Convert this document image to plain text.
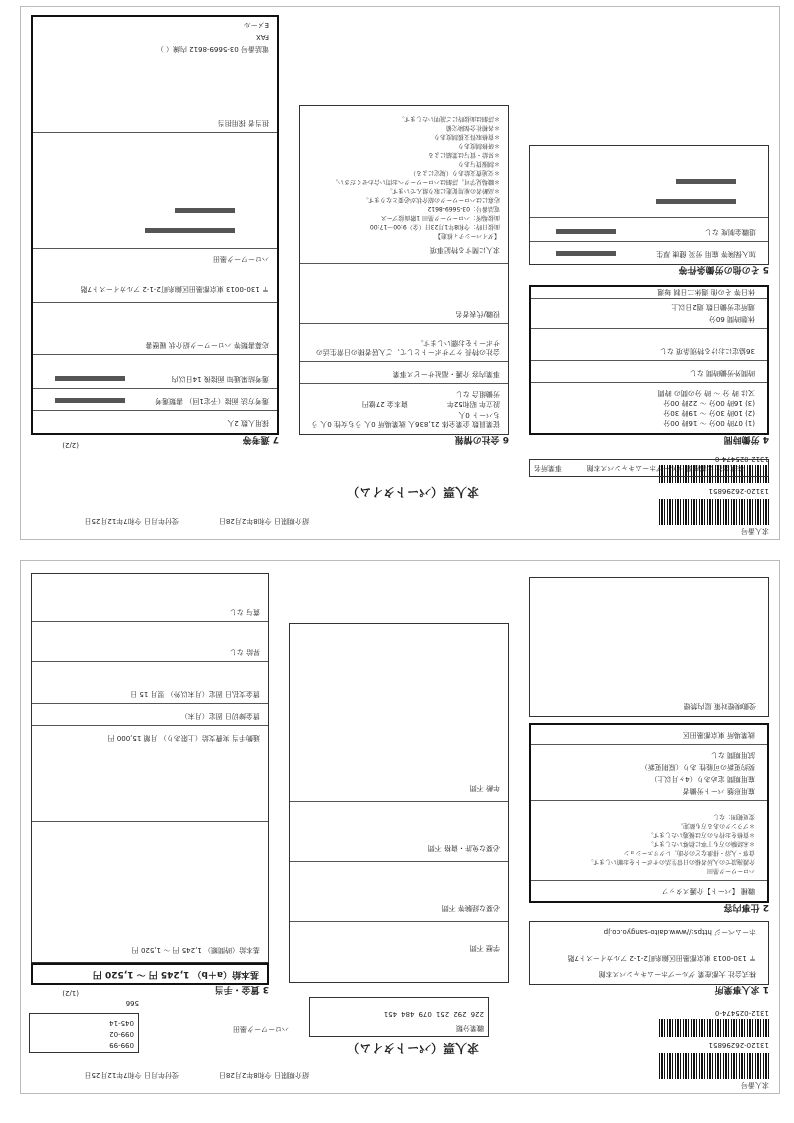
求人番号
13120-26296851
1312-025474-0
求人票（パートタイム）
紹介期限日 令和8年2月28日
受付年月日 令和7年12月25日
(2/2)
株式会社 大都産業 グループホームキャンパス本館
事業所名
4 労働時間
(1) 07時 00分 〜 16時 00分
(2) 10時 30分 〜 19時 30分
(3) 16時 00分 〜 22時 00分
又は 時 分 〜 時 分の間の 時間
時間外労働時間 なし
36協定における特別条項 なし
休憩時間 60分
週所定労働日数 週2日以上
休日等 その他 週休二日制 毎週
5 その他の労働条件等
加入保険等 雇用 労災 健康 厚生
退職金制度 なし
6 会社の情報
従業員数 企業全体 21,836人 就業場所 0人 うち女性 0人 うちパート 0人
設立年 昭和52年
資本金 27億円
労働組合 なし
事業内容 介護・福祉サービス事業
会社の特長 ケアサポートとして、ご入居者様の日常生活のサポートをお願いします。
役職/代表者名
求人に関する特記事項
【ダイバーシティ推進】
面接日時：令和8年1月23日（金）9:00〜17:00
面接場所：ハローワーク墨田 1階面接ブース
電話番号：03-5669-8612
応募にはハローワークの紹介状が必要となります。
＊高齢者の雇用促進に取り組んでいます。
＊職場見学可。詳細はハローワークへお問い合わせください。
＊交通費支給あり（規定による）
＊制服貸与あり
＊昇給・賞与は業績による
＊研修制度あり
＊資格取得支援制度あり
＊各種社会保険完備
＊詳細は面接時にご説明いたします。
7 選考等
採用人数 2人
選考方法 面接（予定1回） 書類選考
選考結果通知 面接後 14日以内
応募書類等 ハローワーク紹介状 履歴書
〒 130-0013 東京都墨田区錦糸町2-1-2 アルカイースト7階
ハローワーク墨田
担当者 採用担当
電話番号 03-5669-8612 内線（ ）
FAX
Eメール
求人番号
13120-26296851
1312-025474-0
求人票（パートタイム）
紹介期限日 令和8年2月28日
受付年月日 令和7年12月25日
職業分類
226
292
251
079
484
451
ハローワーク墨田
099-99
099-02
045-14
566
1 求人事業所
株式会社 大都産業 グループホームキャンパス本館
〒 130-0013 東京都墨田区錦糸町2-1-2 アルカイースト7階
ホームページ https://www.daito-sangyo.co.jp
2 仕事内容
職種 【パート】介護スタッフ
ハローワーク墨田
介護施設での入居者様の日常生活のサポートをお願いします。
食事・入浴・排泄などの介助、レクリエーション
＊未経験の方も丁寧に指導いたします。
＊資格をお持ちの方は優遇いたします。
＊ブランクのある方も歓迎。
変更範囲：なし
雇用形態 パート労働者
雇用期間 定めあり（4ヶ月以上）
契約更新の可能性 あり（原則更新）
試用期間 なし
就業場所 東京都墨田区
受動喫煙対策 屋内禁煙
学歴 不問
必要な経験等 不問
必要な免許・資格 不問
年齢 不問
3 賃金・手当
(1/2)
基本給（a＋b） 1,245 円 〜 1,520 円
基本給（時間額） 1,245 円 〜 1,520 円
通勤手当 実費支給（上限あり） 月額 15,000 円
賃金締切日 固定（月末）
賃金支払日 固定（月末以外） 翌月 15 日
昇給 なし
賞与 なし
